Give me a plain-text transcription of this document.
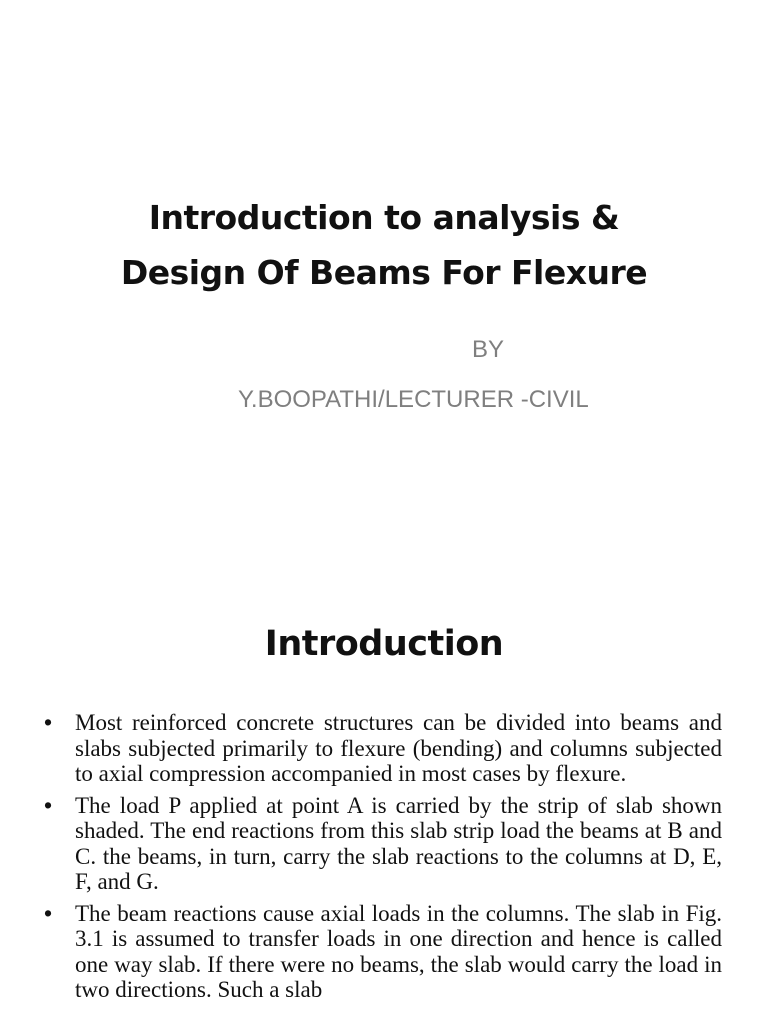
Introduction to analysis &
Design Of Beams For Flexure
BY
Y.BOOPATHI/LECTURER -CIVIL
Introduction
• Most reinforced concrete structures can be divided into beams and slabs subjected primarily to flexure (bending) and columns subjected to axial compression accompanied in most cases by flexure.
• The load P applied at point A is carried by the strip of slab shown shaded. The end reactions from this slab strip load the beams at B and C. the beams, in turn, carry the slab reactions to the columns at D, E, F, and G.
• The beam reactions cause axial loads in the columns. The slab in Fig. 3.1 is assumed to transfer loads in one direction and hence is called one way slab. If there were no beams, the slab would carry the load in two directions. Such a slab
